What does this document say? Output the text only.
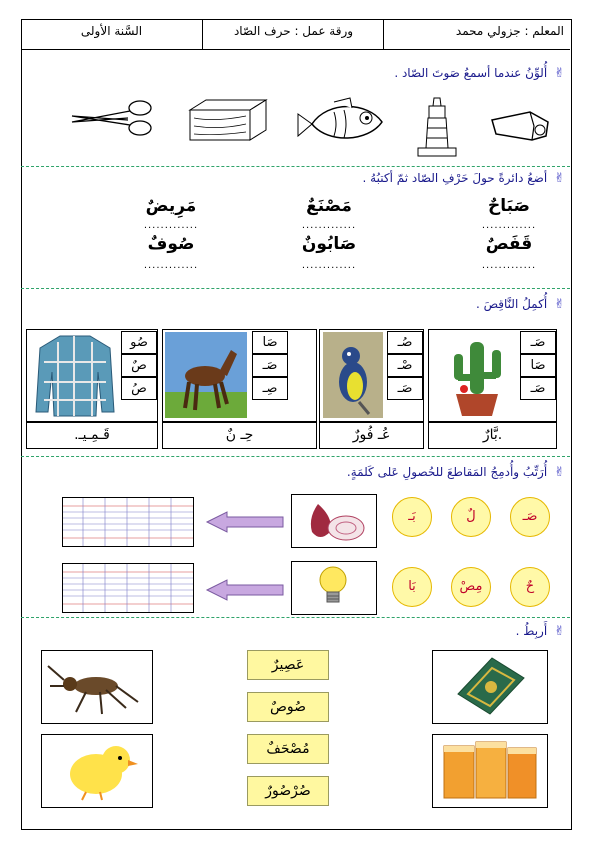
المعلم : جزولي محمد
ورقة عمل : حرف الصّاد
السَّنة الأولى
✌ أُلوِّنُ عندما أسمعُ صَوتَ الصّاد .
✌ أضعُ دائرةً حولَ حَرْفِ الصّاد ثمّ أكتبُهُ .
صَبَاحٌ
مَصْنَعٌ
مَرِيضٌ
.............
.............
.............
قَفَصٌ
صَابُونٌ
صُوفٌ
.............
.............
.............
✌ أُكمِلُ النَّاقِصَ .
صَـ
صَا
صَـ
.بَّارٌ
صُـ
صْـ
صَـ
عُـ فُورٌ
صَا
صَـ
صِـ
حِـ نٌ
صُو
صٌ
صُ
قَـمِـيـ.
✌ أُرَتِّبُ وأُدمِجُ المَقاطعَ للحُصولِ عَلى كَلمَةٍ.
صَـ
لٌ
بَـ
حٌ
مِصْ
بَا
✌ أَربِطُ .
عَصِيرٌ
صُوصٌ
مُصْحَفٌ
صُرْصُورٌ
